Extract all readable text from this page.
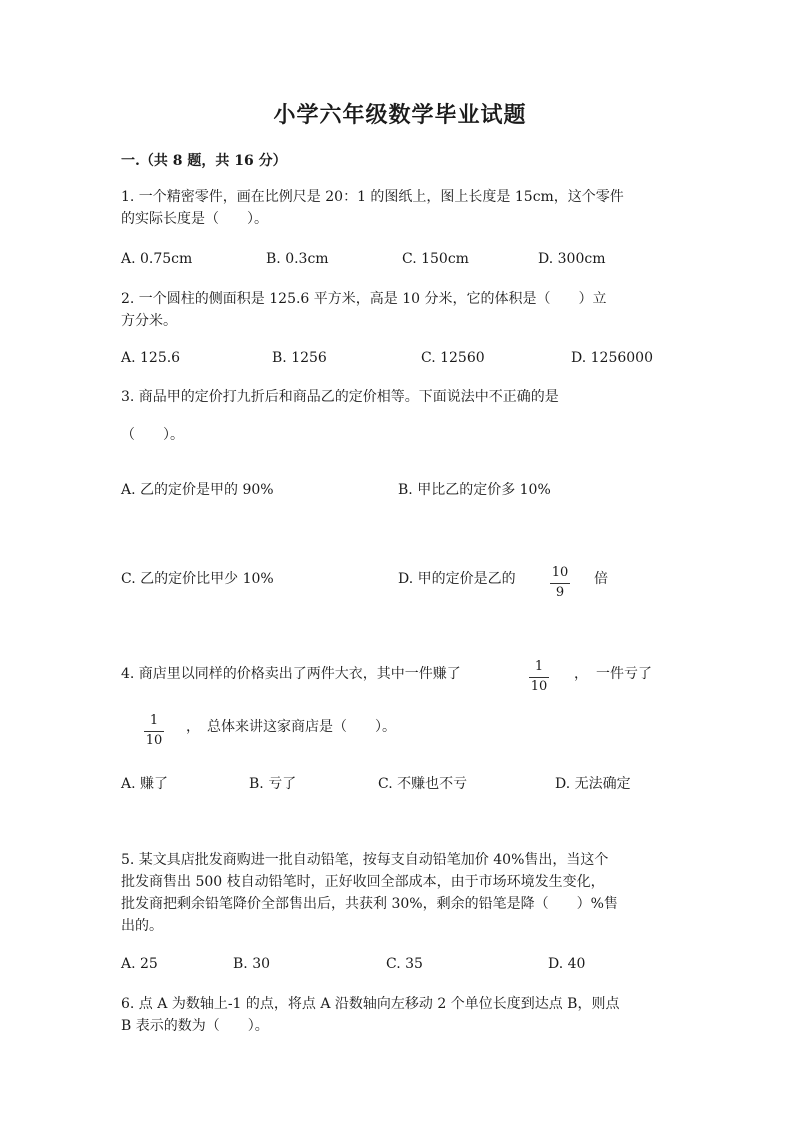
小学六年级数学毕业试题
一.（共 8 题，共 16 分）
1. 一个精密零件，画在比例尺是 20：1 的图纸上，图上长度是 15cm，这个零件
的实际长度是（　　）。
A. 0.75cm	B. 0.3cm	C. 150cm	D. 300cm
2. 一个圆柱的侧面积是 125.6 平方米，高是 10 分米，它的体积是（　　）立
方分米。
A. 125.6	B. 1256	C. 12560	D. 1256000
3. 商品甲的定价打九折后和商品乙的定价相等。下面说法中不正确的是
（　　）。
A. 乙的定价是甲的 90%	B. 甲比乙的定价多 10%
C. 乙的定价比甲少 10%	D. 甲的定价是乙的	10
9
倍
4. 商店里以同样的价格卖出了两件大衣，其中一件赚了	1
10
， 一件亏了
1
10
，　总体来讲这家商店是（　　）。
A. 赚了	B. 亏了	C. 不赚也不亏	D. 无法确定
5. 某文具店批发商购进一批自动铅笔，按每支自动铅笔加价 40%售出，当这个
批发商售出 500 枝自动铅笔时，正好收回全部成本，由于市场环境发生变化，
批发商把剩余铅笔降价全部售出后，共获利 30%，剩余的铅笔是降（　　）%售
出的。
A. 25	B. 30	C. 35	D. 40
6. 点 A 为数轴上-1 的点，将点 A 沿数轴向左移动 2 个单位长度到达点 B，则点
B 表示的数为（　　）。
